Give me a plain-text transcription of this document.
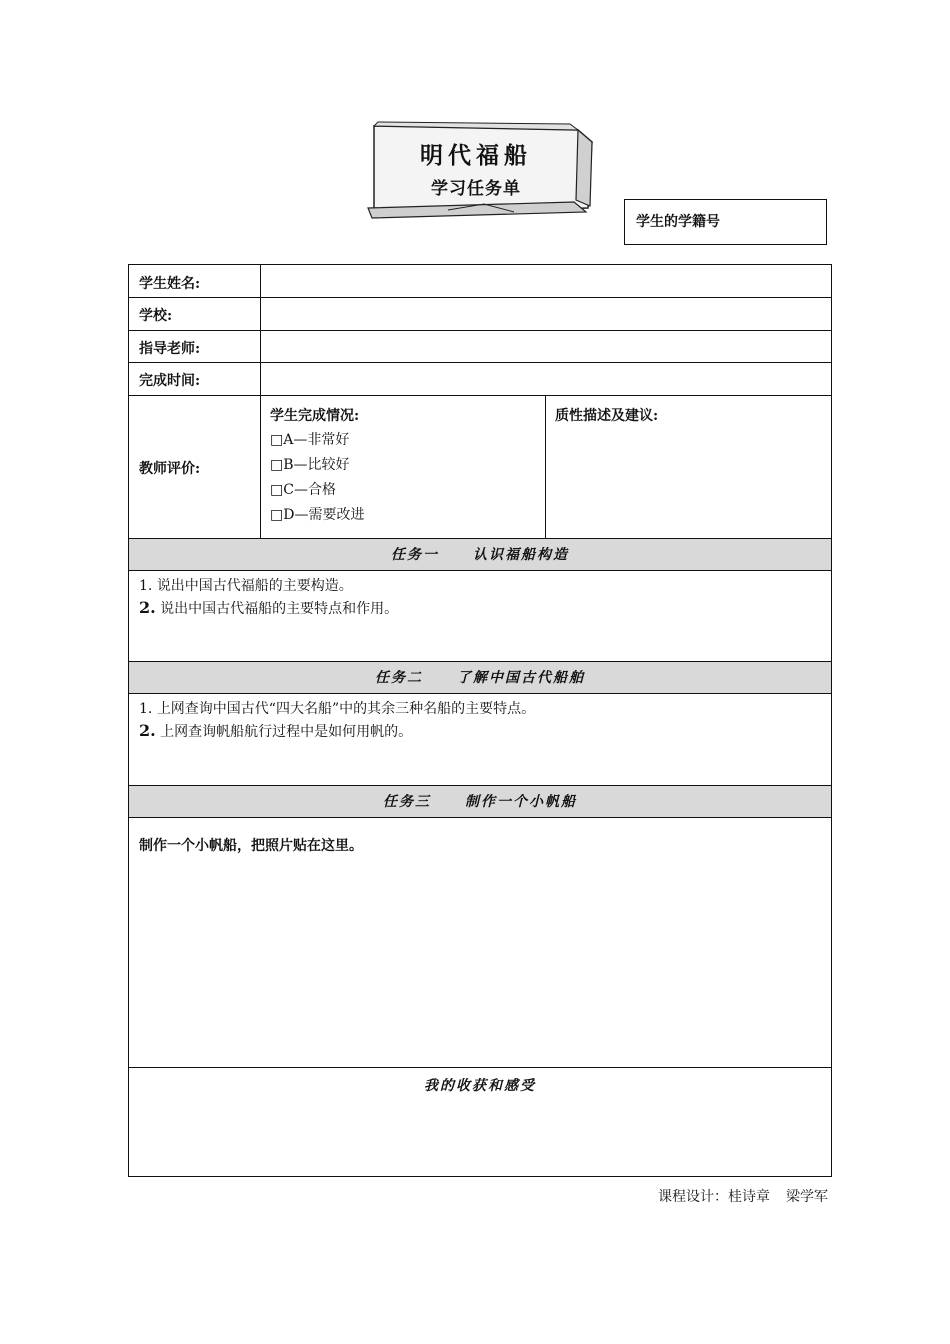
明代福船
学习任务单
学生的学籍号
学生姓名:
学校:
指导老师:
完成时间:
教师评价:
学生完成情况:
□A—非常好
□B—比较好
□C—合格
□D—需要改进
质性描述及建议:
任务一 认识福船构造
1. 说出中国古代福船的主要构造。
2. 说出中国古代福船的主要特点和作用。
任务二 了解中国古代船舶
1. 上网查询中国古代“四大名船”中的其余三种名船的主要特点。
2. 上网查询帆船航行过程中是如何用帆的。
任务三 制作一个小帆船
制作一个小帆船，把照片贴在这里。
我的收获和感受
课程设计：桂诗章 梁学军
